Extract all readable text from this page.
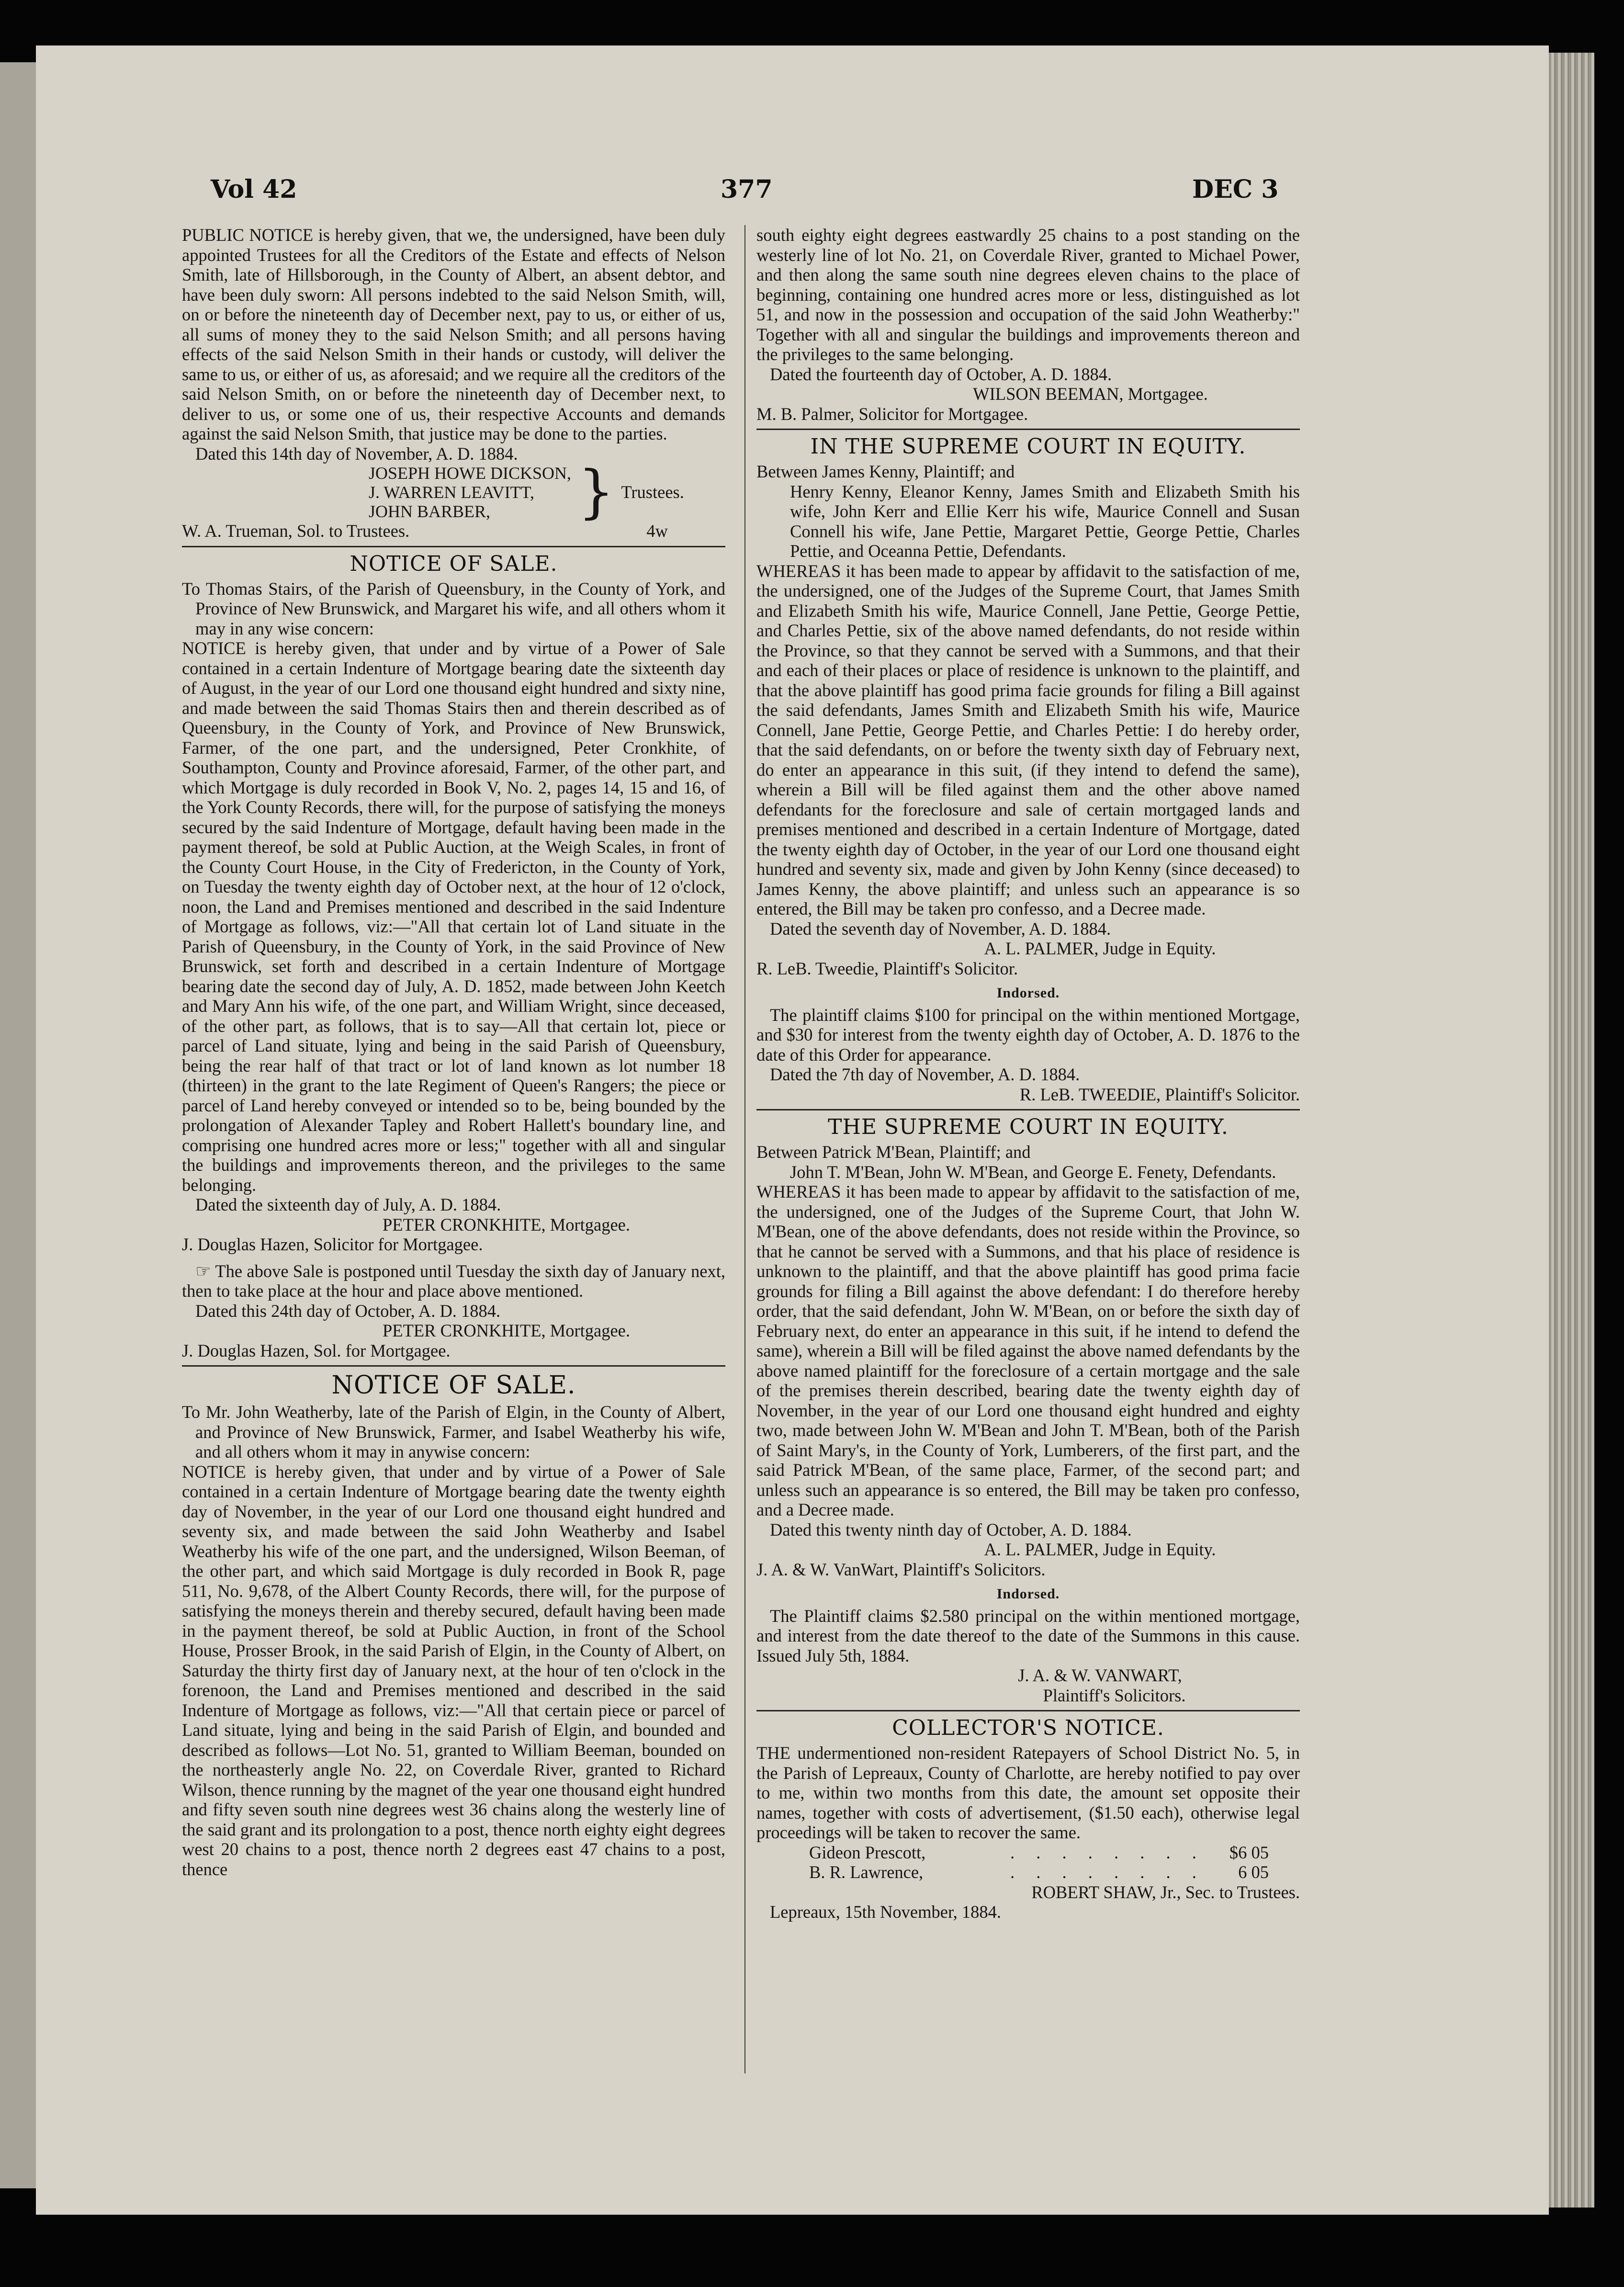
Vol 42	377	DEC 3

PUBLIC NOTICE is hereby given, that we, the undersigned, have been duly appointed Trustees for all the Creditors of the Estate and effects of Nelson Smith, late of Hillsborough, in the County of Albert, an absent debtor, and have been duly sworn: All persons indebted to the said Nelson Smith, will, on or before the nineteenth day of December next, pay to us, or either of us, all sums of money they to the said Nelson Smith; and all persons having effects of the said Nelson Smith in their hands or custody, will deliver the same to us, or either of us, as aforesaid; and we require all the creditors of the said Nelson Smith, on or before the nineteenth day of December next, to deliver to us, or some one of us, their respective Accounts and demands against the said Nelson Smith, that justice may be done to the parties.

Dated this 14th day of November, A. D. 1884.

JOSEPH HOWE DICKSON,
J. WARREN LEAVITT,
JOHN BARBER,	} Trustees.

W. A. Trueman, Sol. to Trustees.	4w

NOTICE OF SALE.

To Thomas Stairs, of the Parish of Queensbury, in the County of York, and Province of New Brunswick, and Margaret his wife, and all others whom it may in any wise concern:

NOTICE is hereby given, that under and by virtue of a Power of Sale contained in a certain Indenture of Mortgage bearing date the sixteenth day of August, in the year of our Lord one thousand eight hundred and sixty nine, and made between the said Thomas Stairs then and therein described as of Queensbury, in the County of York, and Province of New Brunswick, Farmer, of the one part, and the undersigned, Peter Cronkhite, of Southampton, County and Province aforesaid, Farmer, of the other part, and which Mortgage is duly recorded in Book V, No. 2, pages 14, 15 and 16, of the York County Records, there will, for the purpose of satisfying the moneys secured by the said Indenture of Mortgage, default having been made in the payment thereof, be sold at Public Auction, at the Weigh Scales, in front of the County Court House, in the City of Fredericton, in the County of York, on Tuesday the twenty eighth day of October next, at the hour of 12 o'clock, noon, the Land and Premises mentioned and described in the said Indenture of Mortgage as follows, viz:—"All that certain lot of Land situate in the Parish of Queensbury, in the County of York, in the said Province of New Brunswick, set forth and described in a certain Indenture of Mortgage bearing date the second day of July, A. D. 1852, made between John Keetch and Mary Ann his wife, of the one part, and William Wright, since deceased, of the other part, as follows, that is to say—All that certain lot, piece or parcel of Land situate, lying and being in the said Parish of Queensbury, being the rear half of that tract or lot of land known as lot number 18 (thirteen) in the grant to the late Regiment of Queen's Rangers; the piece or parcel of Land hereby conveyed or intended so to be, being bounded by the prolongation of Alexander Tapley and Robert Hallett's boundary line, and comprising one hundred acres more or less;" together with all and singular the buildings and improvements thereon, and the privileges to the same belonging.

Dated the sixteenth day of July, A. D. 1884.

PETER CRONKHITE, Mortgagee.

J. Douglas Hazen, Solicitor for Mortgagee.

☞ The above Sale is postponed until Tuesday the sixth day of January next, then to take place at the hour and place above mentioned.

Dated this 24th day of October, A. D. 1884.

PETER CRONKHITE, Mortgagee.

J. Douglas Hazen, Sol. for Mortgagee.

NOTICE OF SALE.

To Mr. John Weatherby, late of the Parish of Elgin, in the County of Albert, and Province of New Brunswick, Farmer, and Isabel Weatherby his wife, and all others whom it may in anywise concern:

NOTICE is hereby given, that under and by virtue of a Power of Sale contained in a certain Indenture of Mortgage bearing date the twenty eighth day of November, in the year of our Lord one thousand eight hundred and seventy six, and made between the said John Weatherby and Isabel Weatherby his wife of the one part, and the undersigned, Wilson Beeman, of the other part, and which said Mortgage is duly recorded in Book R, page 511, No. 9,678, of the Albert County Records, there will, for the purpose of satisfying the moneys therein and thereby secured, default having been made in the payment thereof, be sold at Public Auction, in front of the School House, Prosser Brook, in the said Parish of Elgin, in the County of Albert, on Saturday the thirty first day of January next, at the hour of ten o'clock in the forenoon, the Land and Premises mentioned and described in the said Indenture of Mortgage as follows, viz:—"All that certain piece or parcel of Land situate, lying and being in the said Parish of Elgin, and bounded and described as follows—Lot No. 51, granted to William Beeman, bounded on the northeasterly angle No. 22, on Coverdale River, granted to Richard Wilson, thence running by the magnet of the year one thousand eight hundred and fifty seven south nine degrees west 36 chains along the westerly line of the said grant and its prolongation to a post, thence north eighty eight degrees west 20 chains to a post, thence north 2 degrees east 47 chains to a post, thence

south eighty eight degrees eastwardly 25 chains to a post standing on the westerly line of lot No. 21, on Coverdale River, granted to Michael Power, and then along the same south nine degrees eleven chains to the place of beginning, containing one hundred acres more or less, distinguished as lot 51, and now in the possession and occupation of the said John Weatherby:" Together with all and singular the buildings and improvements thereon and the privileges to the same belonging.

Dated the fourteenth day of October, A. D. 1884.

WILSON BEEMAN, Mortgagee.

M. B. Palmer, Solicitor for Mortgagee.

IN THE SUPREME COURT IN EQUITY.

Between James Kenny, Plaintiff; and

Henry Kenny, Eleanor Kenny, James Smith and Elizabeth Smith his wife, John Kerr and Ellie Kerr his wife, Maurice Connell and Susan Connell his wife, Jane Pettie, Margaret Pettie, George Pettie, Charles Pettie, and Oceanna Pettie, Defendants.

WHEREAS it has been made to appear by affidavit to the satisfaction of me, the undersigned, one of the Judges of the Supreme Court, that James Smith and Elizabeth Smith his wife, Maurice Connell, Jane Pettie, George Pettie, and Charles Pettie, six of the above named defendants, do not reside within the Province, so that they cannot be served with a Summons, and that their and each of their places or place of residence is unknown to the plaintiff, and that the above plaintiff has good prima facie grounds for filing a Bill against the said defendants, James Smith and Elizabeth Smith his wife, Maurice Connell, Jane Pettie, George Pettie, and Charles Pettie: I do hereby order, that the said defendants, on or before the twenty sixth day of February next, do enter an appearance in this suit, (if they intend to defend the same), wherein a Bill will be filed against them and the other above named defendants for the foreclosure and sale of certain mortgaged lands and premises mentioned and described in a certain Indenture of Mortgage, dated the twenty eighth day of October, in the year of our Lord one thousand eight hundred and seventy six, made and given by John Kenny (since deceased) to James Kenny, the above plaintiff; and unless such an appearance is so entered, the Bill may be taken pro confesso, and a Decree made.

Dated the seventh day of November, A. D. 1884.

A. L. PALMER, Judge in Equity.

R. LeB. Tweedie, Plaintiff's Solicitor.

Indorsed.

The plaintiff claims $100 for principal on the within mentioned Mortgage, and $30 for interest from the twenty eighth day of October, A. D. 1876 to the date of this Order for appearance.

Dated the 7th day of November, A. D. 1884.

R. LeB. TWEEDIE, Plaintiff's Solicitor.

THE SUPREME COURT IN EQUITY.

Between Patrick M'Bean, Plaintiff; and

John T. M'Bean, John W. M'Bean, and George E. Fenety, Defendants.

WHEREAS it has been made to appear by affidavit to the satisfaction of me, the undersigned, one of the Judges of the Supreme Court, that John W. M'Bean, one of the above defendants, does not reside within the Province, so that he cannot be served with a Summons, and that his place of residence is unknown to the plaintiff, and that the above plaintiff has good prima facie grounds for filing a Bill against the above defendant: I do therefore hereby order, that the said defendant, John W. M'Bean, on or before the sixth day of February next, do enter an appearance in this suit, if he intend to defend the same), wherein a Bill will be filed against the above named defendants by the above named plaintiff for the foreclosure of a certain mortgage and the sale of the premises therein described, bearing date the twenty eighth day of November, in the year of our Lord one thousand eight hundred and eighty two, made between John W. M'Bean and John T. M'Bean, both of the Parish of Saint Mary's, in the County of York, Lumberers, of the first part, and the said Patrick M'Bean, of the same place, Farmer, of the second part; and unless such an appearance is so entered, the Bill may be taken pro confesso, and a Decree made.

Dated this twenty ninth day of October, A. D. 1884.

A. L. PALMER, Judge in Equity.

J. A. & W. VanWart, Plaintiff's Solicitors.

Indorsed.

The Plaintiff claims $2.580 principal on the within mentioned mortgage, and interest from the date thereof to the date of the Summons in this cause. Issued July 5th, 1884.

J. A. & W. VANWART,

Plaintiff's Solicitors.

COLLECTOR'S NOTICE.

THE undermentioned non-resident Ratepayers of School District No. 5, in the Parish of Lepreaux, County of Charlotte, are hereby notified to pay over to me, within two months from this date, the amount set opposite their names, together with costs of advertisement, ($1.50 each), otherwise legal proceedings will be taken to recover the same.

Gideon Prescott,	. . . . . . . .	$6 05
B. R. Lawrence,	. . . . . . . .	6 05

ROBERT SHAW, Jr., Sec. to Trustees.

Lepreaux, 15th November, 1884.
